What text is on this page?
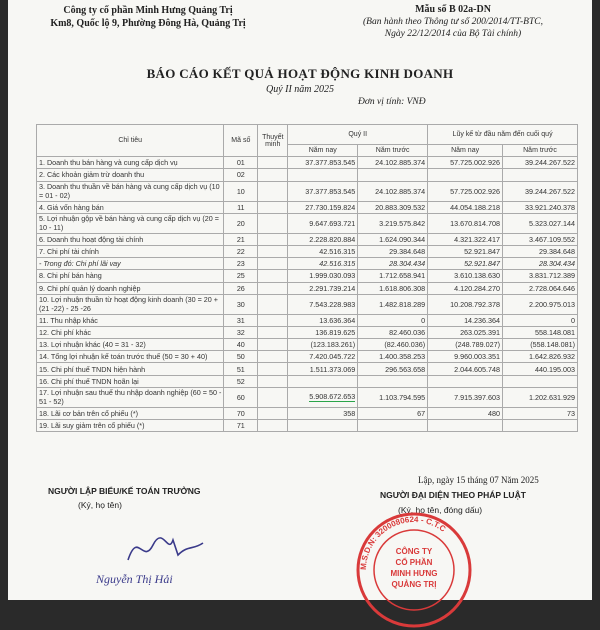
Công ty cổ phần Minh Hưng Quảng Trị
Km8, Quốc lộ 9, Phường Đông Hà, Quảng Trị
Mẫu số B 02a-DN
(Ban hành theo Thông tư số 200/2014/TT-BTC,
Ngày 22/12/2014 của Bộ Tài chính)
BÁO CÁO KẾT QUẢ HOẠT ĐỘNG KINH DOANH
Quý II năm 2025
Đơn vị tính: VNĐ
Chỉ tiêu	Mã số	Thuyết minh	Quý II		Lũy kế từ đầu năm đến cuối quý	
			Năm nay	Năm trước	Năm nay	Năm trước
1. Doanh thu bán hàng và cung cấp dịch vụ	01		37.377.853.545	24.102.885.374	57.725.002.926	39.244.267.522
2. Các khoản giảm trừ doanh thu	02					
3. Doanh thu thuần về bán hàng và cung cấp dịch vụ (10 = 01 - 02)	10		37.377.853.545	24.102.885.374	57.725.002.926	39.244.267.522
4. Giá vốn hàng bán	11		27.730.159.824	20.883.309.532	44.054.188.218	33.921.240.378
5. Lợi nhuận gộp về bán hàng và cung cấp dịch vụ (20 = 10 - 11)	20		9.647.693.721	3.219.575.842	13.670.814.708	5.323.027.144
6. Doanh thu hoạt động tài chính	21		2.228.820.884	1.624.090.344	4.321.322.417	3.467.109.552
7. Chi phí tài chính	22		42.516.315	29.384.648	52.921.847	29.384.648
- Trong đó: Chi phí lãi vay	23		42.516.315	28.304.434	52.921.847	28.304.434
8. Chi phí bán hàng	25		1.999.030.093	1.712.658.941	3.610.138.630	3.831.712.389
9. Chi phí quản lý doanh nghiệp	26		2.291.739.214	1.618.806.308	4.120.284.270	2.728.064.646
10. Lợi nhuận thuần từ hoạt động kinh doanh (30 = 20 + (21 -22) - 25 -26	30		7.543.228.983	1.482.818.289	10.208.792.378	2.200.975.013
11. Thu nhập khác	31		13.636.364	0	14.236.364	0
12. Chi phí khác	32		136.819.625	82.460.036	263.025.391	558.148.081
13. Lợi nhuận khác (40 = 31 - 32)	40		(123.183.261)	(82.460.036)	(248.789.027)	(558.148.081)
14. Tổng lợi nhuận kế toán trước thuế (50 = 30 + 40)	50		7.420.045.722	1.400.358.253	9.960.003.351	1.642.826.932
15. Chi phí thuế TNDN hiện hành	51		1.511.373.069	296.563.658	2.044.605.748	440.195.003
16. Chi phí thuế TNDN hoãn lại	52					
17. Lợi nhuận sau thuế thu nhập doanh nghiệp (60 = 50 - 51 - 52)	60		5.908.672.653	1.103.794.595	7.915.397.603	1.202.631.929
18. Lãi cơ bản trên cổ phiếu (*)	70		358	67	480	73
19. Lãi suy giảm trên cổ phiếu (*)	71					
NGƯỜI LẬP BIỂU/KẾ TOÁN TRƯỞNG
(Ký, họ tên)
Nguyễn Thị Hải
Lập, ngày 15 tháng 07 Năm 2025
NGƯỜI ĐẠI DIỆN THEO PHÁP LUẬT
(Ký, họ tên, đóng dấu)
M.S.D.N: 3200080624 - C.T.C
CÔNG TY
CỔ PHẦN
MINH HƯNG
QUẢNG TRỊ
